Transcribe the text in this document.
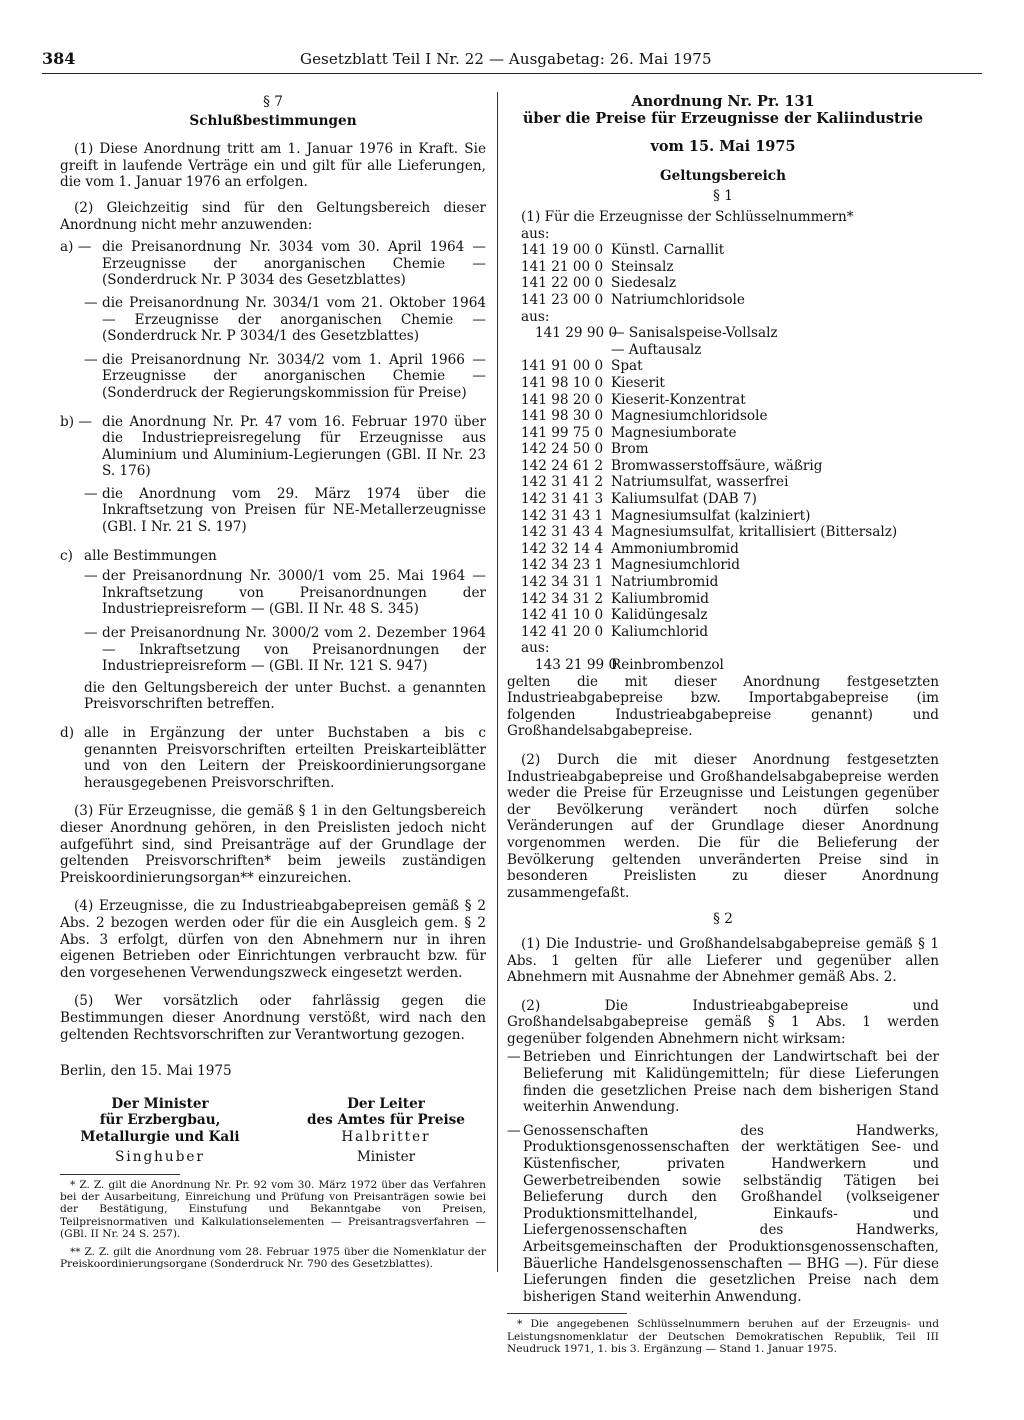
384	Gesetzblatt Teil I Nr. 22 — Ausgabetag: 26. Mai 1975
§ 7
Schlußbestimmungen

(1) Diese Anordnung tritt am 1. Januar 1976 in Kraft. Sie greift in laufende Verträge ein und gilt für alle Lieferungen, die vom 1. Januar 1976 an erfolgen.

(2) Gleichzeitig sind für den Geltungsbereich dieser Anordnung nicht mehr anzuwenden:

a) — die Preisanordnung Nr. 3034 vom 30. April 1964 — Erzeugnisse der anorganischen Chemie — (Sonderdruck Nr. P 3034 des Gesetzblattes)
— die Preisanordnung Nr. 3034/1 vom 21. Oktober 1964 — Erzeugnisse der anorganischen Chemie — (Sonderdruck Nr. P 3034/1 des Gesetzblattes)
— die Preisanordnung Nr. 3034/2 vom 1. April 1966 — Erzeugnisse der anorganischen Chemie — (Sonderdruck der Regierungskommission für Preise)
b) — die Anordnung Nr. Pr. 47 vom 16. Februar 1970 über die Industriepreisregelung für Erzeugnisse aus Aluminium und Aluminium-Legierungen (GBl. II Nr. 23 S. 176)
— die Anordnung vom 29. März 1974 über die Inkraftsetzung von Preisen für NE-Metallerzeugnisse (GBl. I Nr. 21 S. 197)
c) alle Bestimmungen
— der Preisanordnung Nr. 3000/1 vom 25. Mai 1964 — Inkraftsetzung von Preisanordnungen der Industriepreisreform — (GBl. II Nr. 48 S. 345)
— der Preisanordnung Nr. 3000/2 vom 2. Dezember 1964 — Inkraftsetzung von Preisanordnungen der Industriepreisreform — (GBl. II Nr. 121 S. 947)
die den Geltungsbereich der unter Buchst. a genannten Preisvorschriften betreffen.
d) alle in Ergänzung der unter Buchstaben a bis c genannten Preisvorschriften erteilten Preiskarteiblätter und von den Leitern der Preiskoordinierungsorgane herausgegebenen Preisvorschriften.

(3) Für Erzeugnisse, die gemäß § 1 in den Geltungsbereich dieser Anordnung gehören, in den Preislisten jedoch nicht aufgeführt sind, sind Preisanträge auf der Grundlage der geltenden Preisvorschriften* beim jeweils zuständigen Preiskoordinierungsorgan** einzureichen.

(4) Erzeugnisse, die zu Industrieabgabepreisen gemäß § 2 Abs. 2 bezogen werden oder für die ein Ausgleich gem. § 2 Abs. 3 erfolgt, dürfen von den Abnehmern nur in ihren eigenen Betrieben oder Einrichtungen verbraucht bzw. für den vorgesehenen Verwendungszweck eingesetzt werden.

(5) Wer vorsätzlich oder fahrlässig gegen die Bestimmungen dieser Anordnung verstößt, wird nach den geltenden Rechtsvorschriften zur Verantwortung gezogen.

Berlin, den 15. Mai 1975
Der Minister
für Erzbergbau,
Metallurgie und Kali
Singhuber
Der Leiter
des Amtes für Preise
Halbritter
Minister

* Z. Z. gilt die Anordnung Nr. Pr. 92 vom 30. März 1972 über das Verfahren bei der Ausarbeitung, Einreichung und Prüfung von Preisanträgen sowie bei der Bestätigung, Einstufung und Bekanntgabe von Preisen, Teilpreisnormativen und Kalkulationselementen — Preisantragsverfahren — (GBl. II Nr. 24 S. 257).

** Z. Z. gilt die Anordnung vom 28. Februar 1975 über die Nomenklatur der Preiskoordinierungsorgane (Sonderdruck Nr. 790 des Gesetzblattes).

Anordnung Nr. Pr. 131
über die Preise für Erzeugnisse der Kaliindustrie
vom 15. Mai 1975
Geltungsbereich
§ 1

(1) Für die Erzeugnisse der Schlüsselnummern*

aus:
141 19 00 0 Künstl. Carnallit
141 21 00 0 Steinsalz
141 22 00 0 Siedesalz
141 23 00 0 Natriumchloridsole
aus:
141 29 90 0
— Sanisalspeise-Vollsalz
— Auftausalz
141 91 00 0 Spat
141 98 10 0 Kieserit
141 98 20 0 Kieserit-Konzentrat
141 98 30 0 Magnesiumchloridsole
141 99 75 0 Magnesiumborate
142 24 50 0 Brom
142 24 61 2 Bromwasserstoffsäure, wäßrig
142 31 41 2 Natriumsulfat, wasserfrei
142 31 41 3 Kaliumsulfat (DAB 7)
142 31 43 1 Magnesiumsulfat (kalziniert)
142 31 43 4 Magnesiumsulfat, kritallisiert (Bittersalz)
142 32 14 4 Ammoniumbromid
142 34 23 1 Magnesiumchlorid
142 34 31 1 Natriumbromid
142 34 31 2 Kaliumbromid
142 41 10 0 Kalidüngesalz
142 41 20 0 Kaliumchlorid
aus:
143 21 99 0
Reinbrombenzol

gelten die mit dieser Anordnung festgesetzten Industrieabgabepreise bzw. Importabgabepreise (im folgenden Industrieabgabepreise genannt) und Großhandelsabgabepreise.

(2) Durch die mit dieser Anordnung festgesetzten Industrieabgabepreise und Großhandelsabgabepreise werden weder die Preise für Erzeugnisse und Leistungen gegenüber der Bevölkerung verändert noch dürfen solche Veränderungen auf der Grundlage dieser Anordnung vorgenommen werden. Die für die Belieferung der Bevölkerung geltenden unveränderten Preise sind in besonderen Preislisten zu dieser Anordnung zusammengefaßt.

§ 2

(1) Die Industrie- und Großhandelsabgabepreise gemäß § 1 Abs. 1 gelten für alle Lieferer und gegenüber allen Abnehmern mit Ausnahme der Abnehmer gemäß Abs. 2.

(2) Die Industrieabgabepreise und Großhandelsabgabepreise gemäß § 1 Abs. 1 werden gegenüber folgenden Abnehmern nicht wirksam:

— Betrieben und Einrichtungen der Landwirtschaft bei der Belieferung mit Kalidüngemitteln; für diese Lieferungen finden die gesetzlichen Preise nach dem bisherigen Stand weiterhin Anwendung.
— Genossenschaften des Handwerks, Produktionsgenossenschaften der werktätigen See- und Küstenfischer, privaten Handwerkern und Gewerbetreibenden sowie selbständig Tätigen bei Belieferung durch den Großhandel (volkseigener Produktionsmittelhandel, Einkaufs- und Liefergenossenschaften des Handwerks, Arbeitsgemeinschaften der Produktionsgenossenschaften, Bäuerliche Handelsgenossenschaften — BHG —). Für diese Lieferungen finden die gesetzlichen Preise nach dem bisherigen Stand weiterhin Anwendung.

* Die angegebenen Schlüsselnummern beruhen auf der Erzeugnis- und Leistungsnomenklatur der Deutschen Demokratischen Republik, Teil III Neudruck 1971, 1. bis 3. Ergänzung — Stand 1. Januar 1975.
